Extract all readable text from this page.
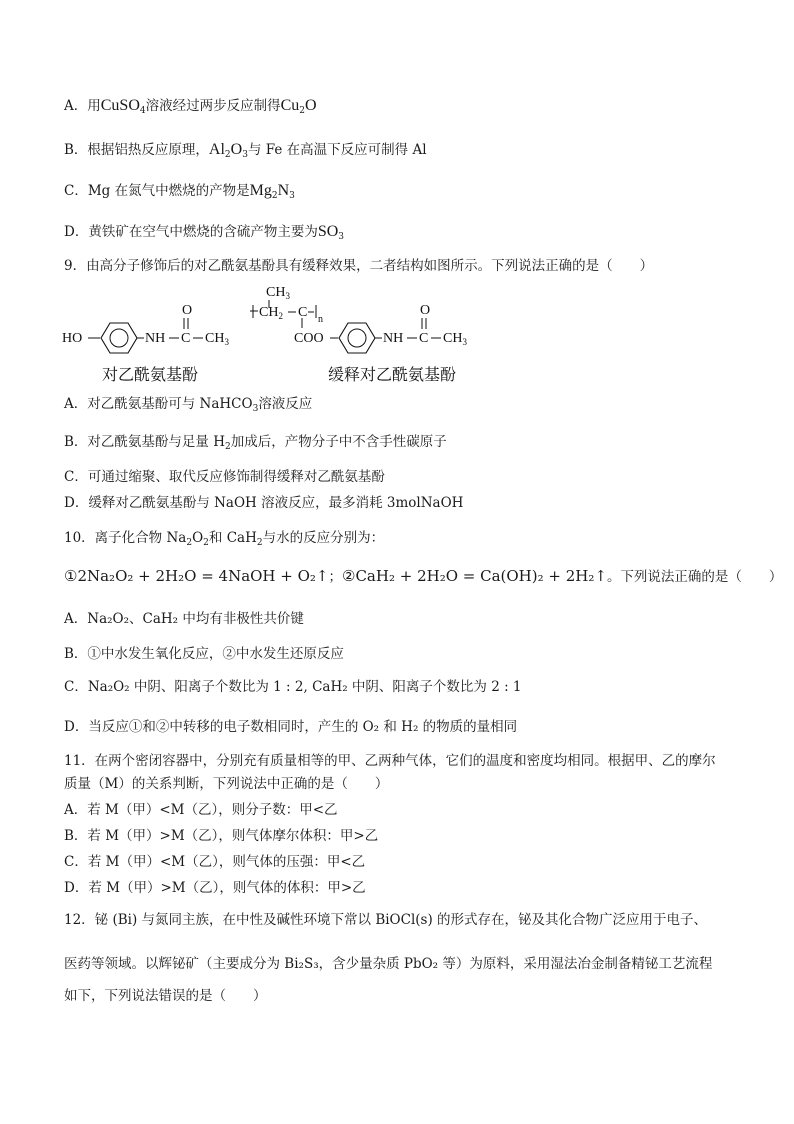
A．用CuSO$_4$溶液经过两步反应制得$Cu_2O$
B．根据铝热反应原理，$Al_2O_3$与 Fe 在高温下反应可制得 Al
C．Mg 在氮气中燃烧的产物是$Mg_2N_3$
D．黄铁矿在空气中燃烧的含硫产物主要为$SO_3$
9．由高分子修饰后的对乙酰氨基酚具有缓释效果，二者结构如图所示。下列说法正确的是（　　）
HO	NH C
O
$CH_3$
对乙酰氨基酚
$CH_3$
$CH_2$ C n
COO	NH C
O
$CH_3$
缓释对乙酰氨基酚
A．对乙酰氨基酚可与 NaHCO$_3$溶液反应
B．对乙酰氨基酚与足量 $H_2$加成后，产物分子中不含手性碳原子
C．可通过缩聚、取代反应修饰制得缓释对乙酰氨基酚
D．缓释对乙酰氨基酚与 NaOH 溶液反应，最多消耗 3molNaOH
10．离子化合物 $Na_2O_2$和 CaH$_2$与水的反应分别为：
①2Na₂O₂ + 2H₂O = 4NaOH + O₂↑；②CaH₂ + 2H₂O = Ca(OH)₂ + 2H₂↑。下列说法正确的是（　　）
A．Na₂O₂、CaH₂ 中均有非极性共价键
B．①中水发生氧化反应，②中水发生还原反应
C．Na₂O₂ 中阴、阳离子个数比为 1 : 2, CaH₂ 中阴、阳离子个数比为 2 : 1
D．当反应①和②中转移的电子数相同时，产生的 O₂ 和 H₂ 的物质的量相同
11．在两个密闭容器中，分别充有质量相等的甲、乙两种气体，它们的温度和密度均相同。根据甲、乙的摩尔
质量（M）的关系判断，下列说法中正确的是（　　）
A．若 M（甲）<M（乙），则分子数：甲<乙
B．若 M（甲）>M（乙），则气体摩尔体积：甲>乙
C．若 M（甲）<M（乙），则气体的压强：甲<乙
D．若 M（甲）>M（乙），则气体的体积：甲>乙
12．铋 (Bi) 与氮同主族，在中性及碱性环境下常以 BiOCl(s) 的形式存在，铋及其化合物广泛应用于电子、
医药等领域。以辉铋矿（主要成分为 Bi₂S₃，含少量杂质 PbO₂ 等）为原料，采用湿法冶金制备精铋工艺流程
如下，下列说法错误的是（　　）
